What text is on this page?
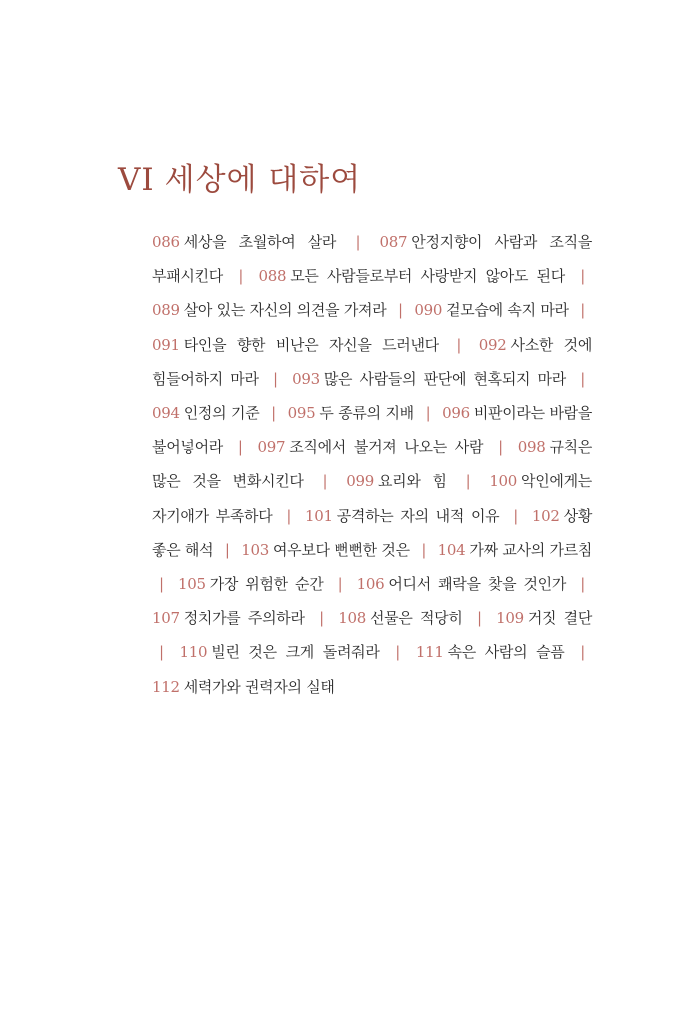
VI 세상에 대하여
086 세상을 초월하여 살라 | 087 안정지향이 사람과 조직을 부패시킨다 | 088 모든 사람들로부터 사랑받지 않아도 된다 | 089 살아 있는 자신의 의견을 가져라 | 090 겉모습에 속지 마라 | 091 타인을 향한 비난은 자신을 드러낸다 | 092 사소한 것에 힘들어하지 마라 | 093 많은 사람들의 판단에 현혹되지 마라 | 094 인정의 기준 | 095 두 종류의 지배 | 096 비판이라는 바람을 불어넣어라 | 097 조직에서 불거져 나오는 사람 | 098 규칙은 많은 것을 변화시킨다 | 099 요리와 힘 | 100 악인에게는 자기애가 부족하다 | 101 공격하는 자의 내적 이유 | 102 상황 좋은 해석 | 103 여우보다 뻔뻔한 것은 | 104 가짜 교사의 가르침 | 105 가장 위험한 순간 | 106 어디서 쾌락을 찾을 것인가 | 107 정치가를 주의하라 | 108 선물은 적당히 | 109 거짓 결단 | 110 빌린 것은 크게 돌려줘라 | 111 속은 사람의 슬픔 | 112 세력가와 권력자의 실태
